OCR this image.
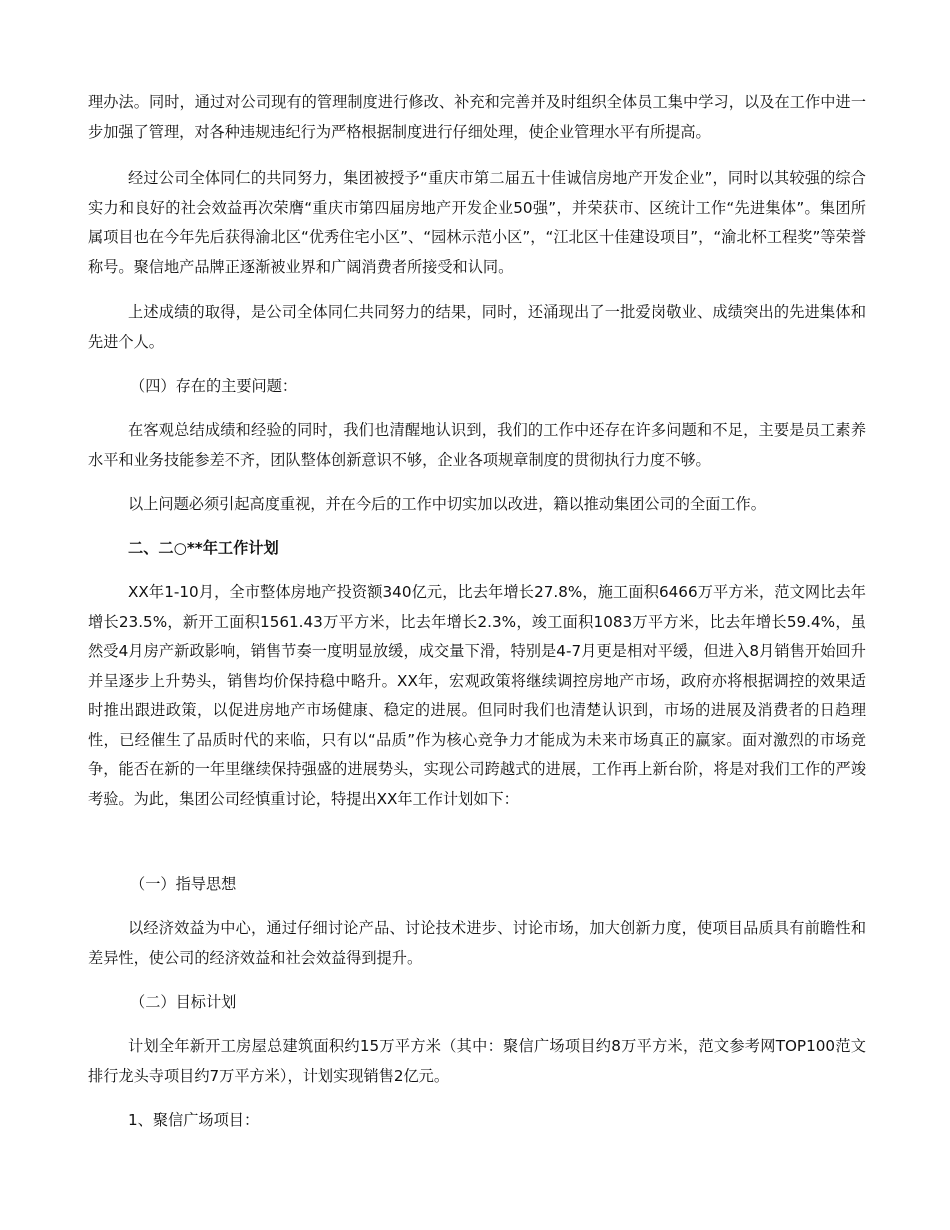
理办法。同时，通过对公司现有的管理制度进行修改、补充和完善并及时组织全体员工集中学习，以及在工作中进一步加强了管理，对各种违规违纪行为严格根据制度进行仔细处理，使企业管理水平有所提高。

经过公司全体同仁的共同努力，集团被授予“重庆市第二届五十佳诚信房地产开发企业”，同时以其较强的综合实力和良好的社会效益再次荣膺“重庆市第四届房地产开发企业50强”，并荣获市、区统计工作“先进集体”。集团所属项目也在今年先后获得渝北区“优秀住宅小区”、“园林示范小区”，“江北区十佳建设项目”，“渝北杯工程奖”等荣誉称号。聚信地产品牌正逐渐被业界和广阔消费者所接受和认同。

上述成绩的取得，是公司全体同仁共同努力的结果，同时，还涌现出了一批爱岗敬业、成绩突出的先进集体和先进个人。

（四）存在的主要问题：

在客观总结成绩和经验的同时，我们也清醒地认识到，我们的工作中还存在许多问题和不足，主要是员工素养水平和业务技能参差不齐，团队整体创新意识不够，企业各项规章制度的贯彻执行力度不够。

以上问题必须引起高度重视，并在今后的工作中切实加以改进，籍以推动集团公司的全面工作。

二、二○**年工作计划

XX年1-10月，全市整体房地产投资额340亿元，比去年增长27.8%，施工面积6466万平方米，范文网比去年增长23.5%，新开工面积1561.43万平方米，比去年增长2.3%，竣工面积1083万平方米，比去年增长59.4%，虽然受4月房产新政影响，销售节奏一度明显放缓，成交量下滑，特别是4-7月更是相对平缓，但进入8月销售开始回升并呈逐步上升势头，销售均价保持稳中略升。XX年，宏观政策将继续调控房地产市场，政府亦将根据调控的效果适时推出跟进政策，以促进房地产市场健康、稳定的进展。但同时我们也清楚认识到，市场的进展及消费者的日趋理性，已经催生了品质时代的来临，只有以“品质”作为核心竞争力才能成为未来市场真正的赢家。面对激烈的市场竞争，能否在新的一年里继续保持强盛的进展势头，实现公司跨越式的进展，工作再上新台阶，将是对我们工作的严竣考验。为此，集团公司经慎重讨论，特提出XX年工作计划如下：

（一）指导思想

以经济效益为中心，通过仔细讨论产品、讨论技术进步、讨论市场，加大创新力度，使项目品质具有前瞻性和差异性，使公司的经济效益和社会效益得到提升。

（二）目标计划

计划全年新开工房屋总建筑面积约15万平方米（其中：聚信广场项目约8万平方米，范文参考网TOP100范文排行龙头寺项目约7万平方米），计划实现销售2亿元。

1、聚信广场项目：
